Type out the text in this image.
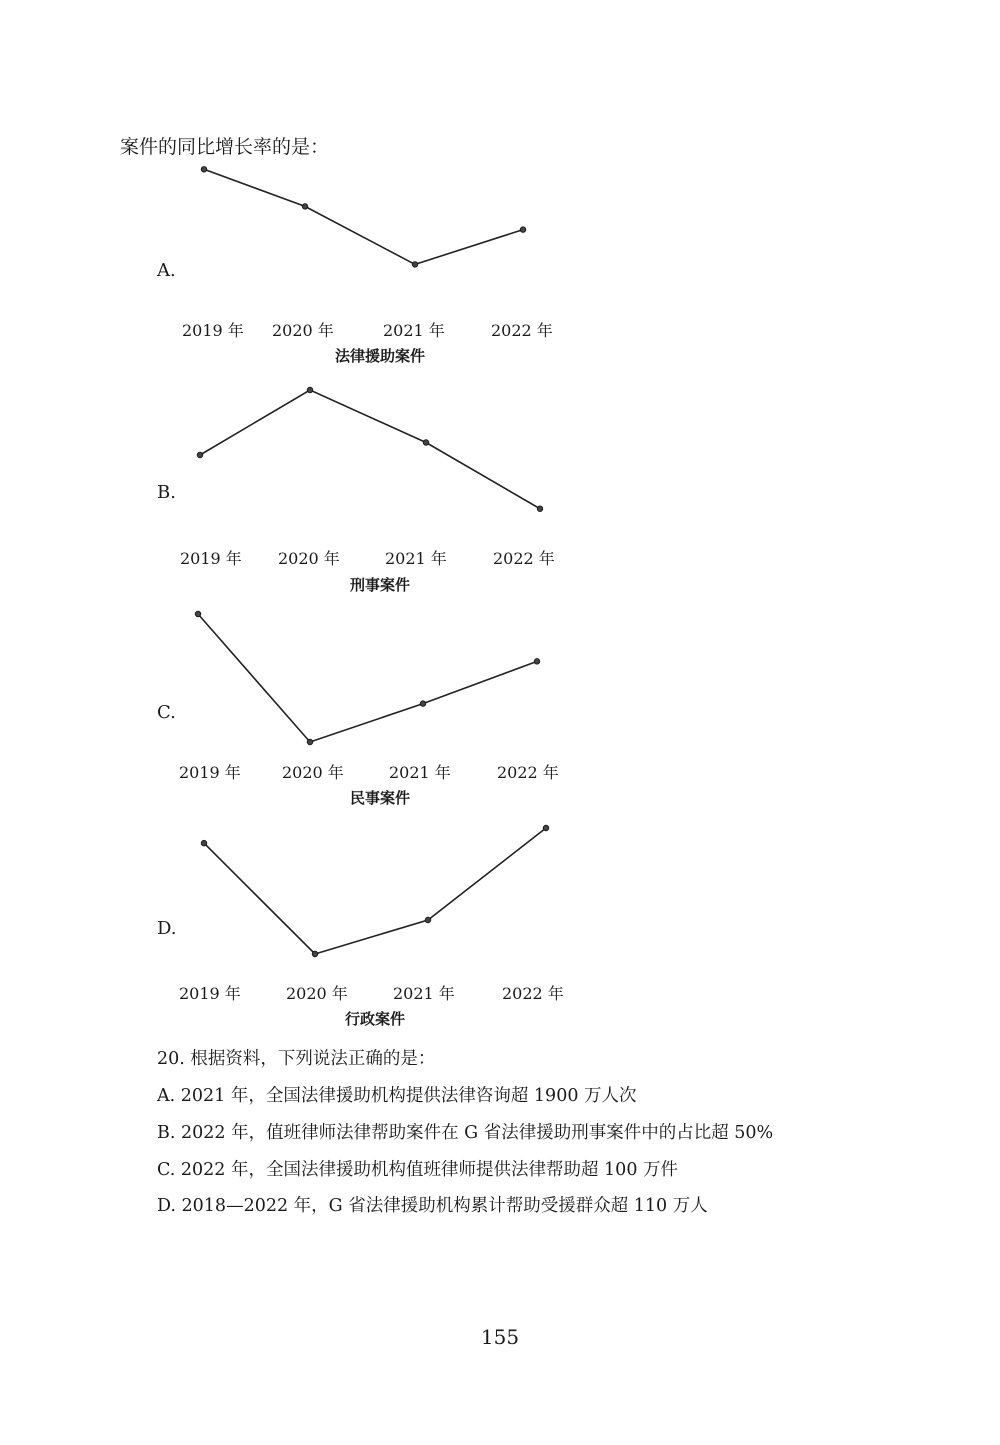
案件的同比增长率的是：
A.
2019 年 2020 年	2021 年	2022 年
法律援助案件
B.
2019 年 2020 年	2021 年	2022 年
刑事案件
C.
2019 年	2020 年	2021 年	2022 年
民事案件
D.
2019 年	2020 年	2021 年	2022 年
行政案件
20. 根据资料，下列说法正确的是：
A. 2021 年，全国法律援助机构提供法律咨询超 1900 万人次
B. 2022 年，值班律师法律帮助案件在 G 省法律援助刑事案件中的占比超 50%
C. 2022 年，全国法律援助机构值班律师提供法律帮助超 100 万件
D. 2018—2022 年，G 省法律援助机构累计帮助受援群众超 110 万人
155
